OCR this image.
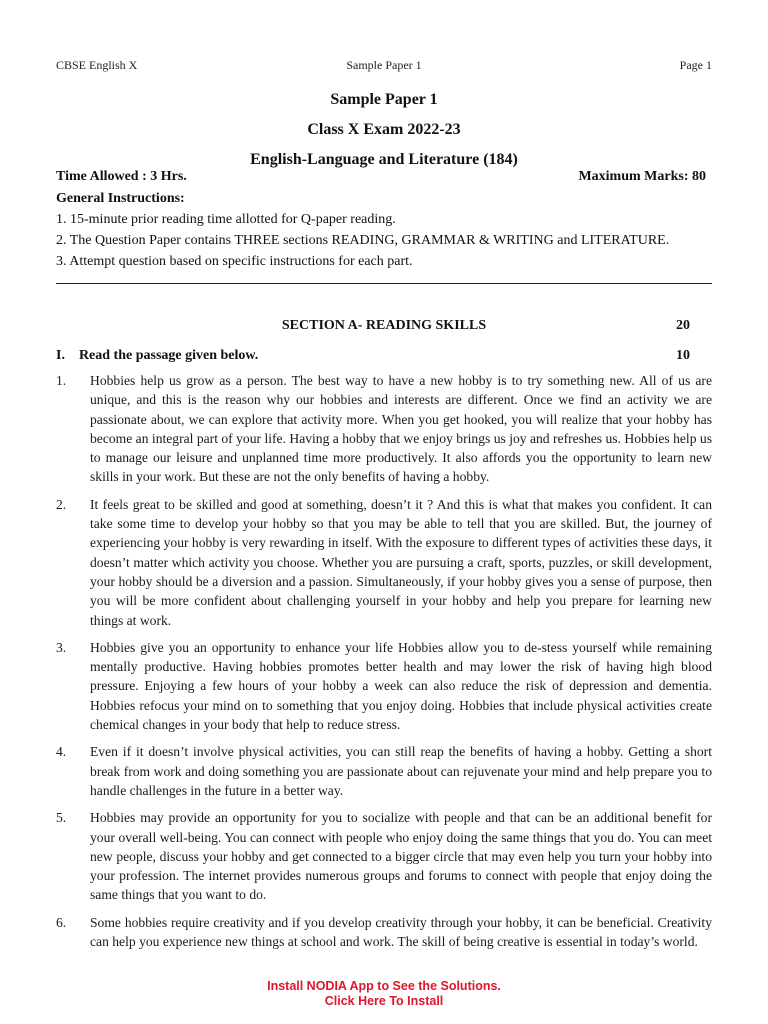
CBSE English X	Sample Paper 1	Page 1
Sample Paper 1
Class X Exam 2022-23
English-Language and Literature (184)
Time Allowed : 3 Hrs.	Maximum Marks: 80
General Instructions:
1. 15-minute prior reading time allotted for Q-paper reading.
2. The Question Paper contains THREE sections READING, GRAMMAR & WRITING and LITERATURE.
3. Attempt question based on specific instructions for each part.
SECTION A- READING SKILLS	20
I.    Read the passage given below.	10
1. Hobbies help us grow as a person. The best way to have a new hobby is to try something new. All of us are unique, and this is the reason why our hobbies and interests are different. Once we find an activity we are passionate about, we can explore that activity more. When you get hooked, you will realize that your hobby has become an integral part of your life. Having a hobby that we enjoy brings us joy and refreshes us. Hobbies help us to manage our leisure and unplanned time more productively. It also affords you the opportunity to learn new skills in your work. But these are not the only benefits of having a hobby.
2. It feels great to be skilled and good at something, doesn’t it ? And this is what that makes you confident. It can take some time to develop your hobby so that you may be able to tell that you are skilled. But, the journey of experiencing your hobby is very rewarding in itself. With the exposure to different types of activities these days, it doesn’t matter which activity you choose. Whether you are pursuing a craft, sports, puzzles, or skill development, your hobby should be a diversion and a passion. Simultaneously, if your hobby gives you a sense of purpose, then you will be more confident about challenging yourself in your hobby and help you prepare for learning new things at work.
3. Hobbies give you an opportunity to enhance your life Hobbies allow you to de-stess yourself while remaining mentally productive. Having hobbies promotes better health and may lower the risk of having high blood pressure. Enjoying a few hours of your hobby a week can also reduce the risk of depression and dementia. Hobbies refocus your mind on to something that you enjoy doing. Hobbies that include physical activities create chemical changes in your body that help to reduce stress.
4. Even if it doesn’t involve physical activities, you can still reap the benefits of having a hobby. Getting a short break from work and doing something you are passionate about can rejuvenate your mind and help prepare you to handle challenges in the future in a better way.
5. Hobbies may provide an opportunity for you to socialize with people and that can be an additional benefit for your overall well-being. You can connect with people who enjoy doing the same things that you do. You can meet new people, discuss your hobby and get connected to a bigger circle that may even help you turn your hobby into your profession. The internet provides numerous groups and forums to connect with people that enjoy doing the same things that you want to do.
6. Some hobbies require creativity and if you develop creativity through your hobby, it can be beneficial. Creativity can help you experience new things at school and work. The skill of being creative is essential in today’s world.
Install NODIA App to See the Solutions.
Click Here To Install
